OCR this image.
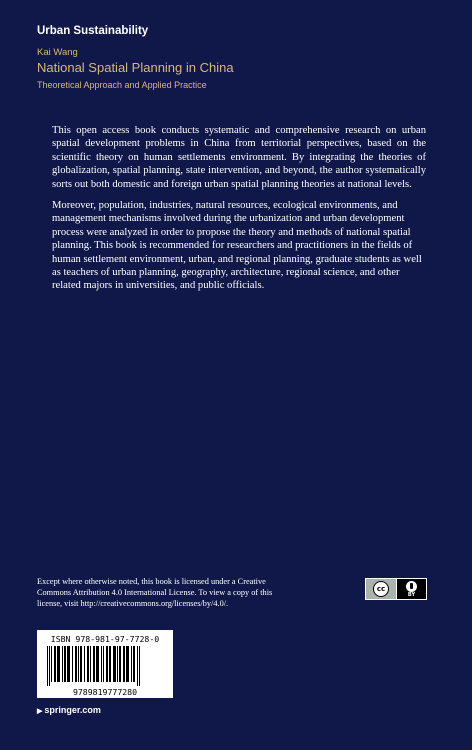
Urban Sustainability
Kai Wang
National Spatial Planning in China
Theoretical Approach and Applied Practice

This open access book conducts systematic and comprehensive research on urban spatial development problems in China from territorial perspectives, based on the scientific theory on human settlements environment. By integrating the theories of globalization, spatial planning, state intervention, and beyond, the author systematically sorts out both domestic and foreign urban spatial planning theories at national levels.

Moreover, population, industries, natural resources, ecological environments, and management mechanisms involved during the urbanization and urban development process were analyzed in order to propose the theory and methods of national spatial planning. This book is recommended for researchers and practitioners in the fields of human settlement environment, urban, and regional planning, graduate students as well as teachers of urban planning, geography, architecture, regional science, and other related majors in universities, and public officials.

Except where otherwise noted, this book is licensed under a Creative Commons Attribution 4.0 International License. To view a copy of this license, visit http://creativecommons.org/licenses/by/4.0/.
cc
BY
ISBN 978-981-97-7728-0
9789819777280
▶ springer.com
